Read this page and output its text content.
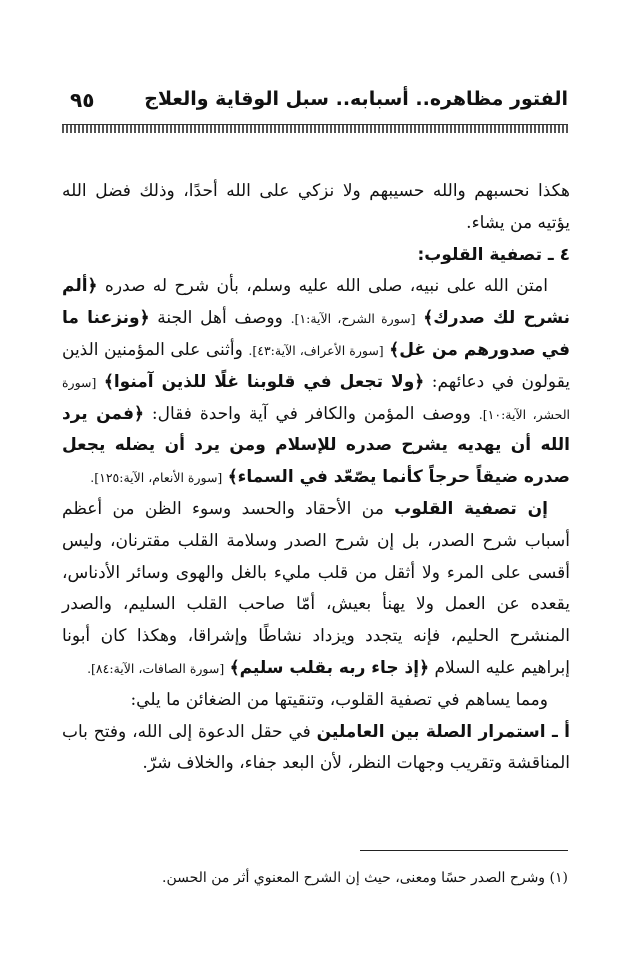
الفتور مظاهره.. أسبابه.. سبل الوقاية والعلاج
٩٥

هكذا نحسبهم والله حسيبهم ولا نزكي على الله أحدًا، وذلك فضل الله يؤتيه من يشاء.

٤ ـ تصفية القلوب:

امتن الله على نبيه، صلى الله عليه وسلم، بأن شرح له صدره ﴿ألم نشرح لك صدرك﴾ [سورة الشرح، الآية:١]. ووصف أهل الجنة ﴿ونزعنا ما في صدورهم من غل﴾ [سورة الأعراف، الآية:٤٣]. وأثنى على المؤمنين الذين يقولون في دعائهم: ﴿ولا تجعل في قلوبنا غلًا للذين آمنوا﴾ [سورة الحشر، الآية:١٠]. ووصف المؤمن والكافر في آية واحدة فقال: ﴿فمن يرد الله أن يهديه يشرح صدره للإسلام ومن يرد أن يضله يجعل صدره ضيقاً حرجاً كأنما يصّعّد في السماء﴾ [سورة الأنعام، الآية:١٢٥].

إن تصفية القلوب من الأحقاد والحسد وسوء الظن من أعظم أسباب شرح الصدر، بل إن شرح الصدر وسلامة القلب مقترنان، وليس أقسى على المرء ولا أثقل من قلب مليء بالغل والهوى وسائر الأدناس، يقعده عن العمل ولا يهنأ بعيش، أمّا صاحب القلب السليم، والصدر المنشرح الحليم، فإنه يتجدد ويزداد نشاطًا وإشراقا، وهكذا كان أبونا إبراهيم عليه السلام ﴿إذ جاء ربه بقلب سليم﴾ [سورة الصافات، الآية:٨٤].

ومما يساهم في تصفية القلوب، وتنقيتها من الضغائن ما يلي:

أ ـ استمرار الصلة بين العاملين في حقل الدعوة إلى الله، وفتح باب المناقشة وتقريب وجهات النظر، لأن البعد جفاء، والخلاف شرّ.

(١) وشرح الصدر حسًا ومعنى، حيث إن الشرح المعنوي أثر من الحسن.
